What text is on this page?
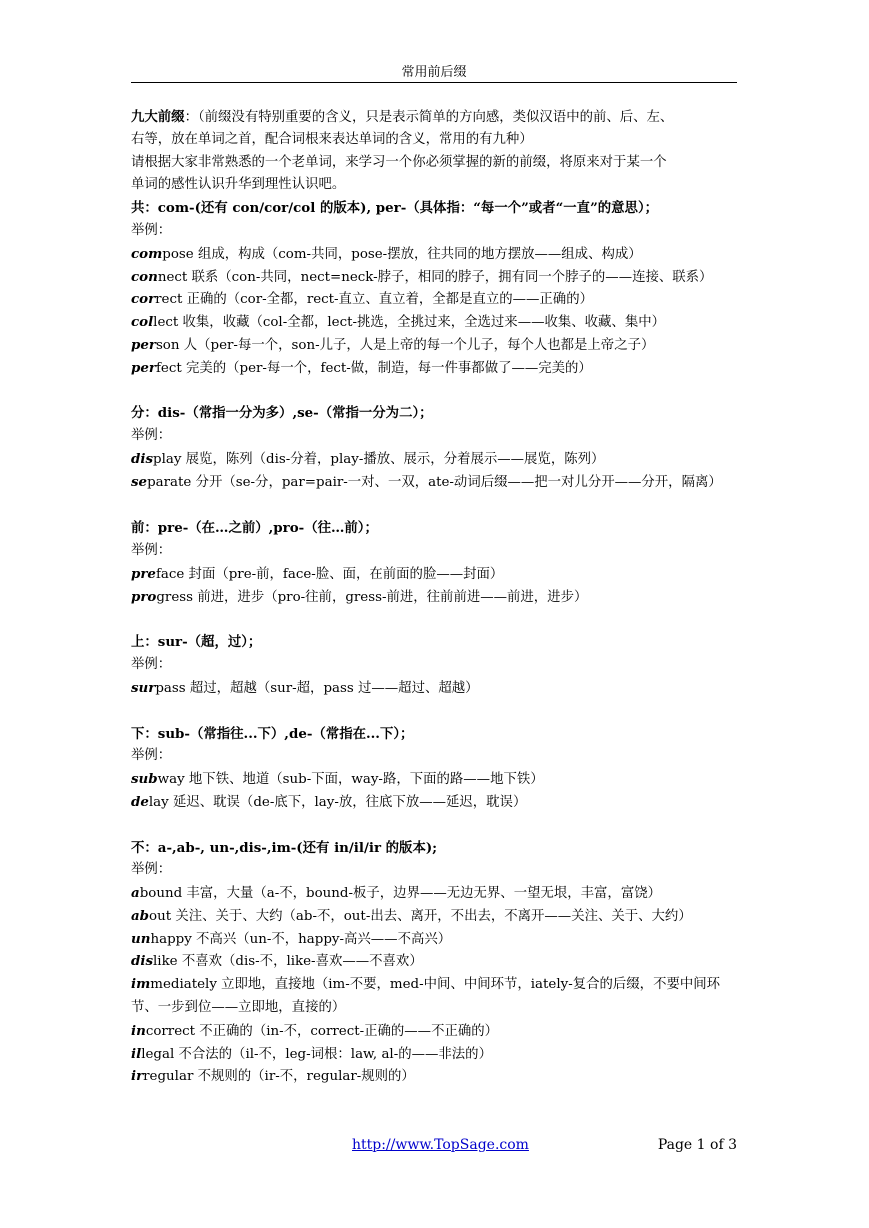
常用前后缀
九大前缀：（前缀没有特别重要的含义，只是表示简单的方向感，类似汉语中的前、后、左、
右等，放在单词之首，配合词根来表达单词的含义，常用的有九种）
请根据大家非常熟悉的一个老单词，来学习一个你必须掌握的新的前缀，将原来对于某一个
单词的感性认识升华到理性认识吧。
共：com-(还有 con/cor/col 的版本), per-（具体指：“每一个”或者“一直”的意思）；
举例：
compose 组成，构成（com-共同，pose-摆放，往共同的地方摆放——组成、构成）
connect 联系（con-共同，nect=neck-脖子，相同的脖子，拥有同一个脖子的——连接、联系）
correct 正确的（cor-全都，rect-直立、直立着，全都是直立的——正确的）
collect 收集，收藏（col-全都，lect-挑选，全挑过来，全选过来——收集、收藏、集中）
person 人（per-每一个，son-儿子，人是上帝的每一个儿子，每个人也都是上帝之子）
perfect 完美的（per-每一个，fect-做，制造，每一件事都做了——完美的）
分：dis-（常指一分为多）,se-（常指一分为二）；
举例：
display 展览，陈列（dis-分着，play-播放、展示，分着展示——展览，陈列）
separate 分开（se-分，par=pair-一对、一双，ate-动词后缀——把一对儿分开——分开，隔离）
前：pre-（在…之前）,pro-（往…前）；
举例：
preface 封面（pre-前，face-脸、面，在前面的脸——封面）
progress 前进，进步（pro-往前，gress-前进，往前前进——前进，进步）
上：sur-（超，过）；
举例：
surpass 超过，超越（sur-超，pass 过——超过、超越）
下：sub-（常指往...下）,de-（常指在...下）；
举例：
subway 地下铁、地道（sub-下面，way-路，下面的路——地下铁）
delay 延迟、耽误（de-底下，lay-放，往底下放——延迟，耽误）
不：a-,ab-, un-,dis-,im-(还有 in/il/ir 的版本);
举例：
abound 丰富，大量（a-不，bound-板子，边界——无边无界、一望无垠，丰富，富饶）
about 关注、关于、大约（ab-不，out-出去、离开，不出去，不离开——关注、关于、大约）
unhappy 不高兴（un-不，happy-高兴——不高兴）
dislike 不喜欢（dis-不，like-喜欢——不喜欢）
immediately 立即地，直接地（im-不要，med-中间、中间环节，iately-复合的后缀，不要中间环节、一步到位——立即地，直接的）
incorrect 不正确的（in-不，correct-正确的——不正确的）
illegal 不合法的（il-不，leg-词根：law, al-的——非法的）
irregular 不规则的（ir-不，regular-规则的）
http://www.TopSage.com	Page 1 of 3
